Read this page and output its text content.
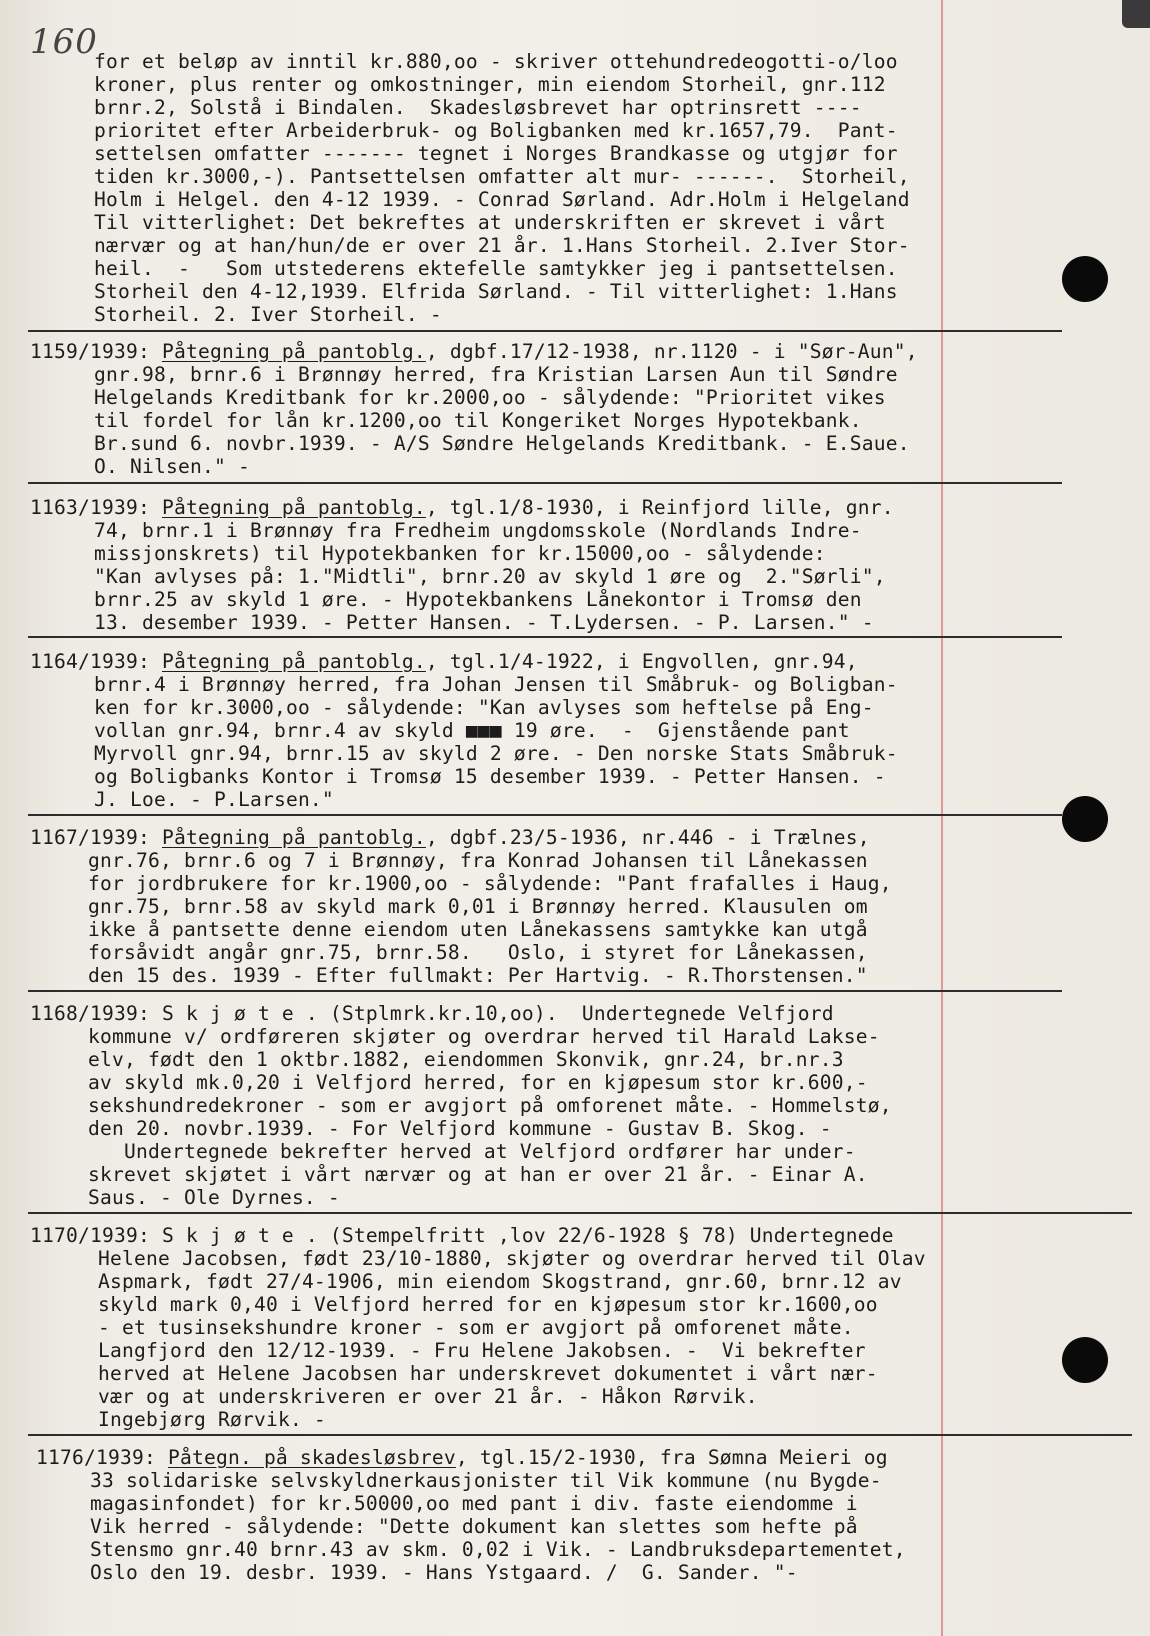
160
for et beløp av inntil kr.880,oo - skriver ottehundredeogotti-o/loo
kroner, plus renter og omkostninger, min eiendom Storheil, gnr.112
brnr.2, Solstå i Bindalen.  Skadesløsbrevet har optrinsrett ----
prioritet efter Arbeiderbruk- og Boligbanken med kr.1657,79.  Pant-
settelsen omfatter ------- tegnet i Norges Brandkasse og utgjør for
tiden kr.3000,-). Pantsettelsen omfatter alt mur- ------.  Storheil,
Holm i Helgel. den 4-12 1939. - Conrad Sørland. Adr.Holm i Helgeland
Til vitterlighet: Det bekreftes at underskriften er skrevet i vårt
nærvær og at han/hun/de er over 21 år. 1.Hans Storheil. 2.Iver Stor-
heil.  -   Som utstederens ektefelle samtykker jeg i pantsettelsen.
Storheil den 4-12,1939. Elfrida Sørland. - Til vitterlighet: 1.Hans
Storheil. 2. Iver Storheil. -
1159/1939: Påtegning på pantoblg., dgbf.17/12-1938, nr.1120 - i "Sør-Aun",
gnr.98, brnr.6 i Brønnøy herred, fra Kristian Larsen Aun til Søndre
Helgelands Kreditbank for kr.2000,oo - sålydende: "Prioritet vikes
til fordel for lån kr.1200,oo til Kongeriket Norges Hypotekbank.
Br.sund 6. novbr.1939. - A/S Søndre Helgelands Kreditbank. - E.Saue.
O. Nilsen." -
1163/1939: Påtegning på pantoblg., tgl.1/8-1930, i Reinfjord lille, gnr.
74, brnr.1 i Brønnøy fra Fredheim ungdomsskole (Nordlands Indre-
missjonskrets) til Hypotekbanken for kr.15000,oo - sålydende:
"Kan avlyses på: 1."Midtli", brnr.20 av skyld 1 øre og  2."Sørli",
brnr.25 av skyld 1 øre. - Hypotekbankens Lånekontor i Tromsø den
13. desember 1939. - Petter Hansen. - T.Lydersen. - P. Larsen." -
1164/1939: Påtegning på pantoblg., tgl.1/4-1922, i Engvollen, gnr.94,
brnr.4 i Brønnøy herred, fra Johan Jensen til Småbruk- og Boligban-
ken for kr.3000,oo - sålydende: "Kan avlyses som heftelse på Eng-
vollan gnr.94, brnr.4 av skyld ■■■ 19 øre.  -  Gjenstående pant
Myrvoll gnr.94, brnr.15 av skyld 2 øre. - Den norske Stats Småbruk-
og Boligbanks Kontor i Tromsø 15 desember 1939. - Petter Hansen. -
J. Loe. - P.Larsen."
1167/1939: Påtegning på pantoblg., dgbf.23/5-1936, nr.446 - i Trælnes,
gnr.76, brnr.6 og 7 i Brønnøy, fra Konrad Johansen til Lånekassen
for jordbrukere for kr.1900,oo - sålydende: "Pant frafalles i Haug,
gnr.75, brnr.58 av skyld mark 0,01 i Brønnøy herred. Klausulen om
ikke å pantsette denne eiendom uten Lånekassens samtykke kan utgå
forsåvidt angår gnr.75, brnr.58.   Oslo, i styret for Lånekassen,
den 15 des. 1939 - Efter fullmakt: Per Hartvig. - R.Thorstensen."
1168/1939: S k j ø t e . (Stplmrk.kr.10,oo).  Undertegnede Velfjord
kommune v/ ordføreren skjøter og overdrar herved til Harald Lakse-
elv, født den 1 oktbr.1882, eiendommen Skonvik, gnr.24, br.nr.3
av skyld mk.0,20 i Velfjord herred, for en kjøpesum stor kr.600,-
sekshundredekroner - som er avgjort på omforenet måte. - Hommelstø,
den 20. novbr.1939. - For Velfjord kommune - Gustav B. Skog. -
Undertegnede bekrefter herved at Velfjord ordfører har under-
skrevet skjøtet i vårt nærvær og at han er over 21 år. - Einar A.
Saus. - Ole Dyrnes. -
1170/1939: S k j ø t e . (Stempelfritt ,lov 22/6-1928 § 78) Undertegnede
Helene Jacobsen, født 23/10-1880, skjøter og overdrar herved til Olav
Aspmark, født 27/4-1906, min eiendom Skogstrand, gnr.60, brnr.12 av
skyld mark 0,40 i Velfjord herred for en kjøpesum stor kr.1600,oo
- et tusinsekshundre kroner - som er avgjort på omforenet måte.
Langfjord den 12/12-1939. - Fru Helene Jakobsen. -  Vi bekrefter
herved at Helene Jacobsen har underskrevet dokumentet i vårt nær-
vær og at underskriveren er over 21 år. - Håkon Rørvik.
Ingebjørg Rørvik. -
1176/1939: Påtegn. på skadesløsbrev, tgl.15/2-1930, fra Sømna Meieri og
33 solidariske selvskyldnerkausjonister til Vik kommune (nu Bygde-
magasinfondet) for kr.50000,oo med pant i div. faste eiendomme i
Vik herred - sålydende: "Dette dokument kan slettes som hefte på
Stensmo gnr.40 brnr.43 av skm. 0,02 i Vik. - Landbruksdepartementet,
Oslo den 19. desbr. 1939. - Hans Ystgaard. /  G. Sander. "-
